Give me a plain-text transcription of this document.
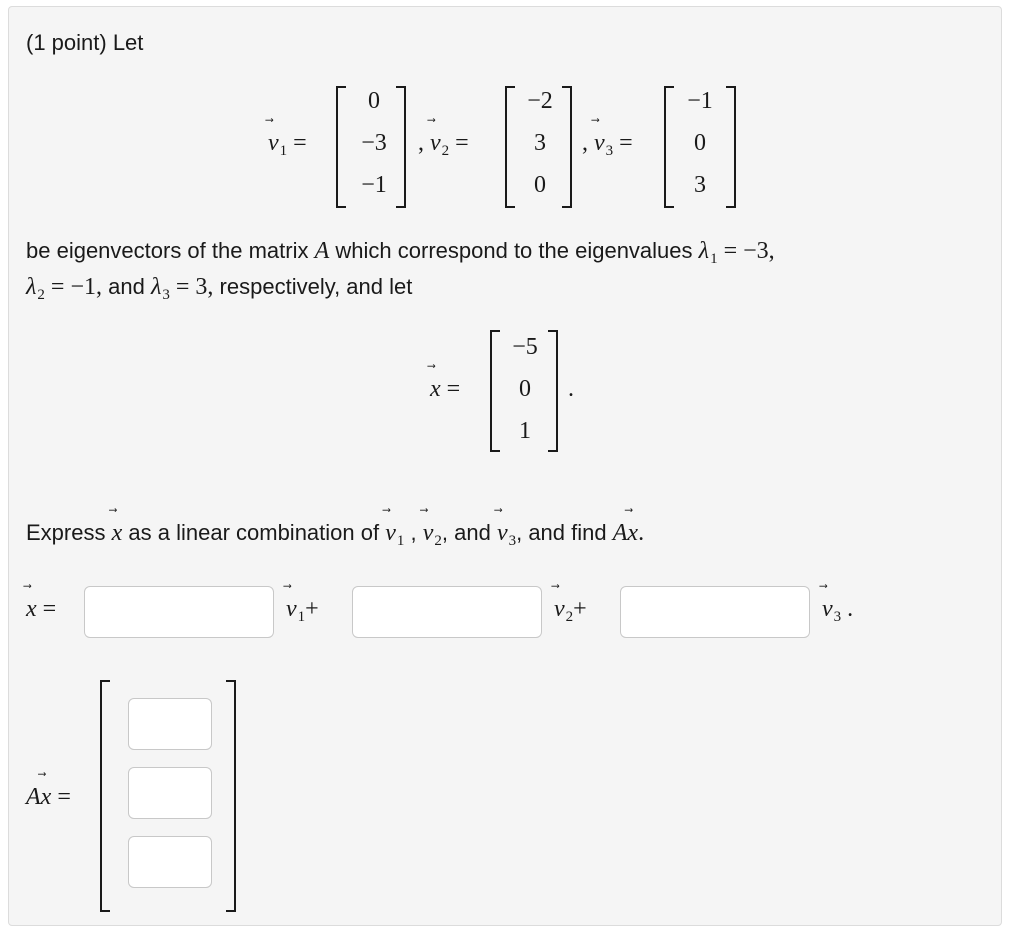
(1 point) Let
v
$_1$ =
0
−3
−1
, v
$_2$ =
−2
3
0
, v
$_3$ =
−1
0
3
be eigenvectors of the matrix A which correspond to the eigenvalues $\lambda_1 = -3$,
$\lambda_2 = -1$, and $\lambda_3 = 3$, respectively, and let
x
=
−5
0
1
.
Express x as a linear combination of v
$_1$ , v
$_2$, and v
$_3$, and find Ax
.
x
=	v
$_1$+	v
$_2$+	v
$_3$ .
Ax
=
